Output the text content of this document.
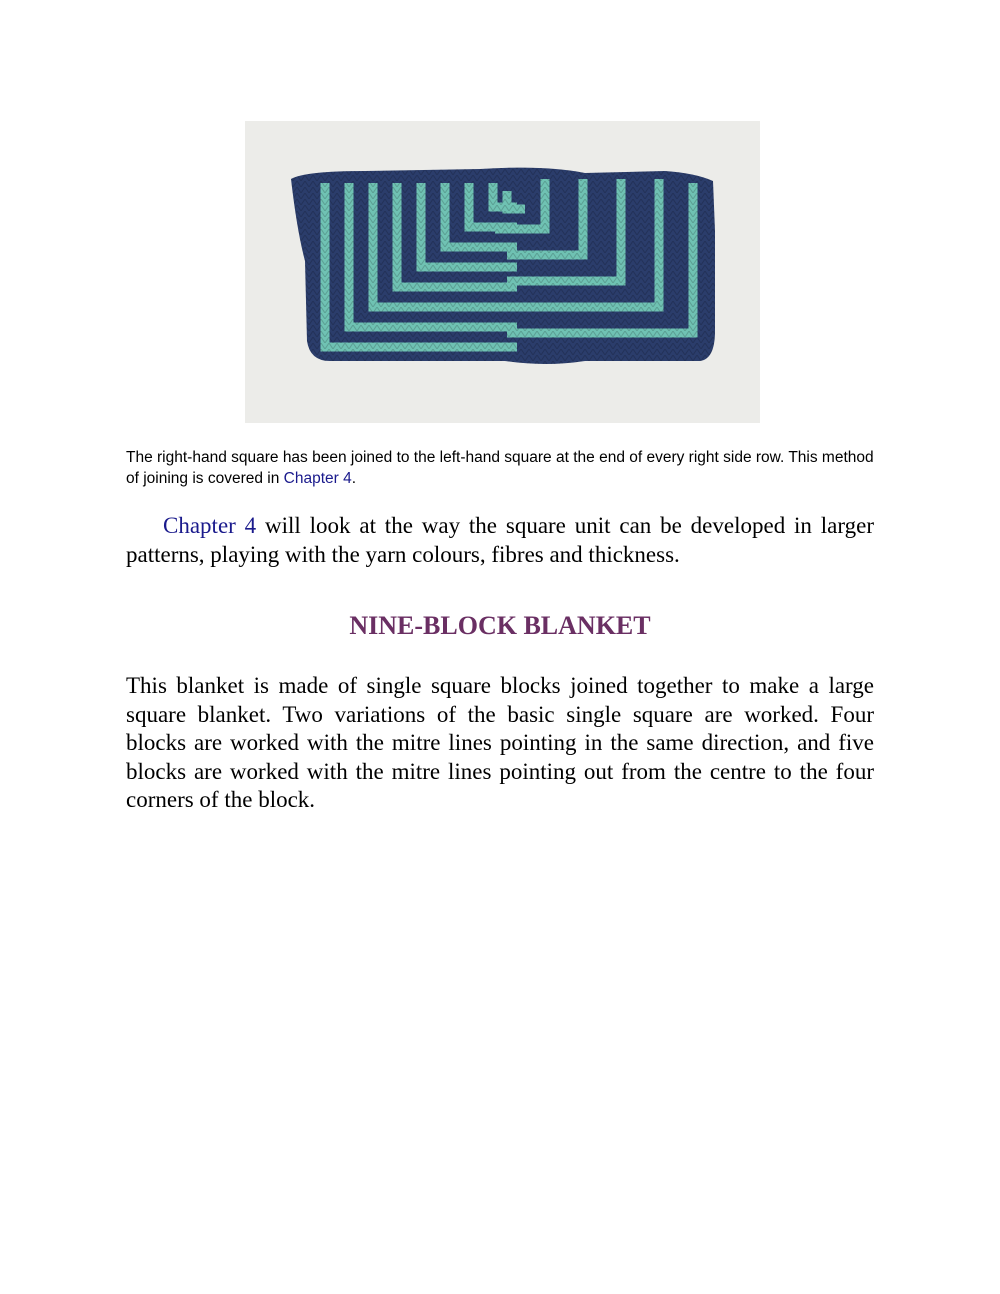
The right-hand square has been joined to the left-hand square at the end of every right side row. This method of joining is covered in Chapter 4.
Chapter 4 will look at the way the square unit can be developed in larger patterns, playing with the yarn colours, fibres and thickness.
NINE-BLOCK BLANKET
This blanket is made of single square blocks joined together to make a large square blanket. Two variations of the basic single square are worked. Four blocks are worked with the mitre lines pointing in the same direction, and five blocks are worked with the mitre lines pointing out from the centre to the four corners of the block.
